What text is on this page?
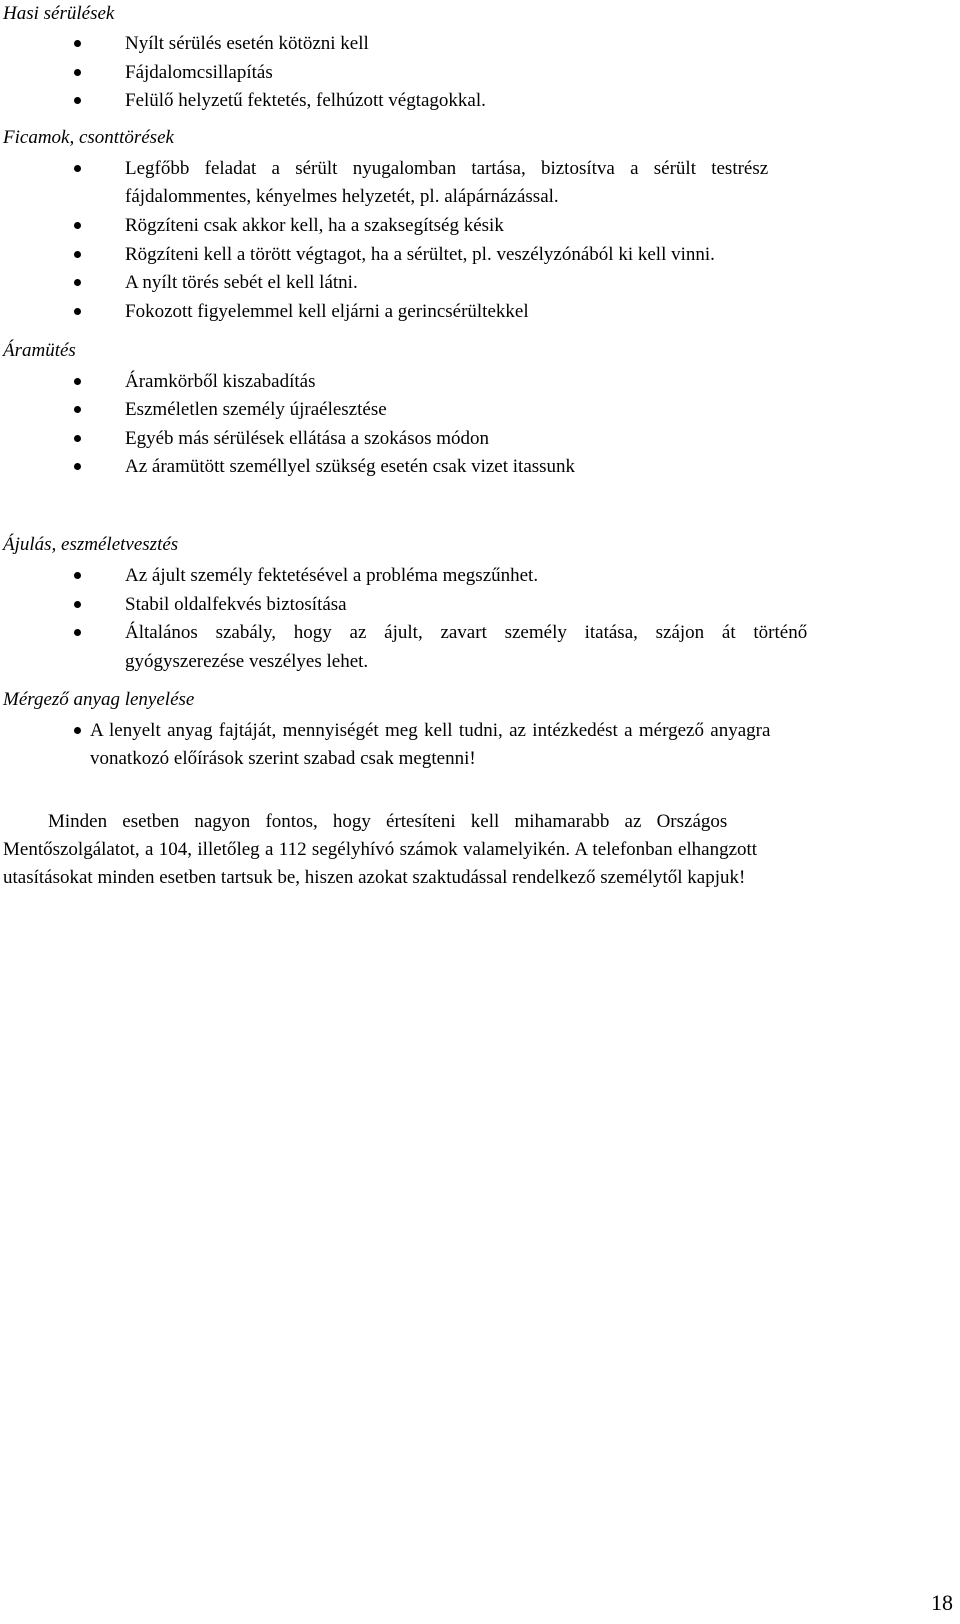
Hasi sérülések
Nyílt sérülés esetén kötözni kell
Fájdalomcsillapítás
Felülő helyzetű fektetés, felhúzott végtagokkal.
Ficamok, csonttörések
Legfőbb feladat a sérült nyugalomban tartása, biztosítva a sérült testrész
fájdalommentes, kényelmes helyzetét, pl. alápárnázással.
Rögzíteni csak akkor kell, ha a szaksegítség késik
Rögzíteni kell a törött végtagot, ha a sérültet, pl. veszélyzónából ki kell vinni.
A nyílt törés sebét el kell látni.
Fokozott figyelemmel kell eljárni a gerincsérültekkel
Áramütés
Áramkörből kiszabadítás
Eszméletlen személy újraélesztése
Egyéb más sérülések ellátása a szokásos módon
Az áramütött személlyel szükség esetén csak vizet itassunk
Ájulás, eszméletvesztés
Az ájult személy fektetésével a probléma megszűnhet.
Stabil oldalfekvés biztosítása
Általános szabály, hogy az ájult, zavart személy itatása, szájon át történő
gyógyszerezése veszélyes lehet.
Mérgező anyag lenyelése
A lenyelt anyag fajtáját, mennyiségét meg kell tudni, az intézkedést a mérgező anyagra
vonatkozó előírások szerint szabad csak megtenni!
Minden esetben nagyon fontos, hogy értesíteni kell mihamarabb az Országos
Mentőszolgálatot, a 104, illetőleg a 112 segélyhívó számok valamelyikén. A telefonban elhangzott
utasításokat minden esetben tartsuk be, hiszen azokat szaktudással rendelkező személytől kapjuk!
18
